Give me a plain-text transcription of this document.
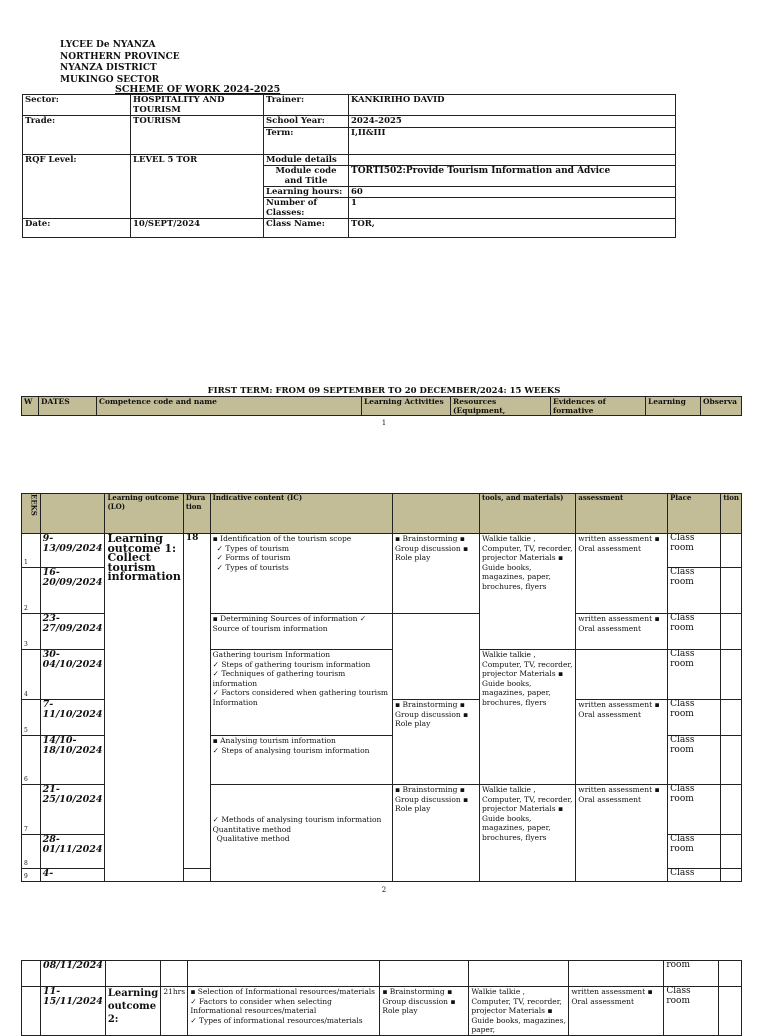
LYCEE De NYANZA
NORTHERN PROVINCE
NYANZA DISTRICT
MUKINGO SECTOR
SCHEME OF WORK 2024-2025
Sector:	HOSPITALITY AND TOURISM	Trainer:	KANKIRIHO DAVID
Trade:	TOURISM	School Year:	2024-2025
		Term:	I,II&III
RQF Level:	LEVEL 5 TOR	Module details	
		Module code and Title	TORTI502:Provide Tourism Information and Advice
		Learning hours:	60
		Number of Classes:	1
Date:	10/SEPT/2024	Class Name:	TOR,
FIRST TERM: FROM 09 SEPTEMBER TO 20 DECEMBER/2024: 15 WEEKS
W	DATES	Competence code and name	Learning Activities	Resources (Equipment,	Evidences of formative	Learning	Observa
1
EEKS		Learning outcome (LO)	Dura tion	Indicative content (IC)		tools, and materials)	assessment	Place	tion
1	9-13/09/2024	Learning outcome 1: Collect tourism information	18	▪ Identification of the tourism scope
✓ Types of tourism
✓ Forms of tourism
✓ Types of tourists	▪ Brainstorming ▪ Group discussion ▪ Role play	Walkie talkie , Computer, TV, recorder, projector Materials ▪ Guide books, magazines, paper, brochures, flyers	written assessment ▪ Oral assessment	Class room	
2	16-20/09/2024							Class room	
3	23-27/09/2024			▪ Determining Sources of information ✓ Source of tourism information			written assessment ▪ Oral assessment	Class room	
4	30-04/10/2024			Gathering tourism Information
✓ Steps of gathering tourism information
✓ Techniques of gathering tourism information
✓ Factors considered when gathering tourism Information		Walkie talkie , Computer, TV, recorder, projector Materials ▪ Guide books, magazines, paper, brochures, flyers		Class room	
5	7-11/10/2024				▪ Brainstorming ▪ Group discussion ▪ Role play		written assessment ▪ Oral assessment	Class room	
6	14/10-18/10/2024			▪ Analysing tourism information
✓ Steps of analysing tourism information				Class room	
7	21-25/10/2024			✓ Methods of analysing tourism information
Quantitative method
Qualitative method	▪ Brainstorming ▪ Group discussion ▪ Role play	Walkie talkie , Computer, TV, recorder, projector Materials ▪ Guide books, magazines, paper, brochures, flyers	written assessment ▪ Oral assessment	Class room	
8	28-01/11/2024							Class room	
9	4-							Class	
2
	08/11/2024							room	
	11-15/11/2024	Learning outcome 2:	21hrs	▪ Selection of Informational resources/materials
✓ Factors to consider when selecting Informational resources/material
✓ Types of informational resources/materials	▪ Brainstorming ▪ Group discussion ▪ Role play	Walkie talkie , Computer, TV, recorder, projector Materials ▪ Guide books, magazines, paper,	written assessment ▪ Oral assessment	Class room	
